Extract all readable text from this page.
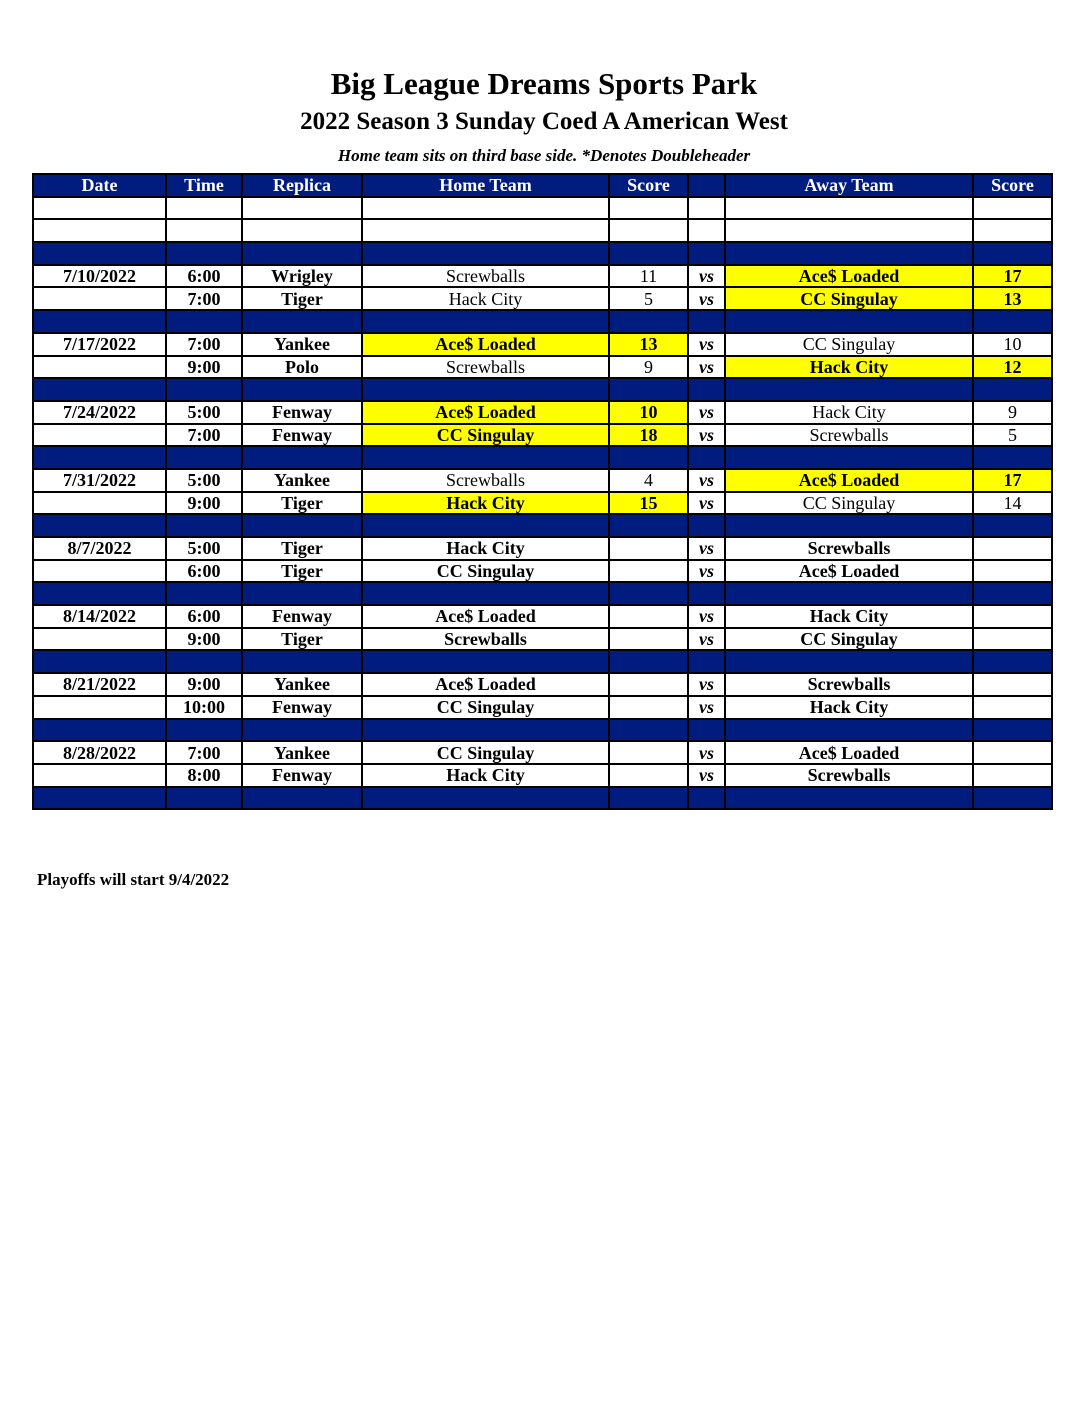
Big League Dreams Sports Park
2022 Season 3 Sunday Coed A American West
Home team sits on third base side. *Denotes Doubleheader
Date	Time	Replica	Home Team	Score		Away Team	Score

7/10/2022	6:00	Wrigley	Screwballs	11	vs	Ace$ Loaded	17
	7:00	Tiger	Hack City	5	vs	CC Singulay	13

7/17/2022	7:00	Yankee	Ace$ Loaded	13	vs	CC Singulay	10
	9:00	Polo	Screwballs	9	vs	Hack City	12

7/24/2022	5:00	Fenway	Ace$ Loaded	10	vs	Hack City	9
	7:00	Fenway	CC Singulay	18	vs	Screwballs	5

7/31/2022	5:00	Yankee	Screwballs	4	vs	Ace$ Loaded	17
	9:00	Tiger	Hack City	15	vs	CC Singulay	14

8/7/2022	5:00	Tiger	Hack City		vs	Screwballs	
	6:00	Tiger	CC Singulay		vs	Ace$ Loaded	

8/14/2022	6:00	Fenway	Ace$ Loaded		vs	Hack City	
	9:00	Tiger	Screwballs		vs	CC Singulay	

8/21/2022	9:00	Yankee	Ace$ Loaded		vs	Screwballs	
	10:00	Fenway	CC Singulay		vs	Hack City	

8/28/2022	7:00	Yankee	CC Singulay		vs	Ace$ Loaded	
	8:00	Fenway	Hack City		vs	Screwballs	

Playoffs will start 9/4/2022
